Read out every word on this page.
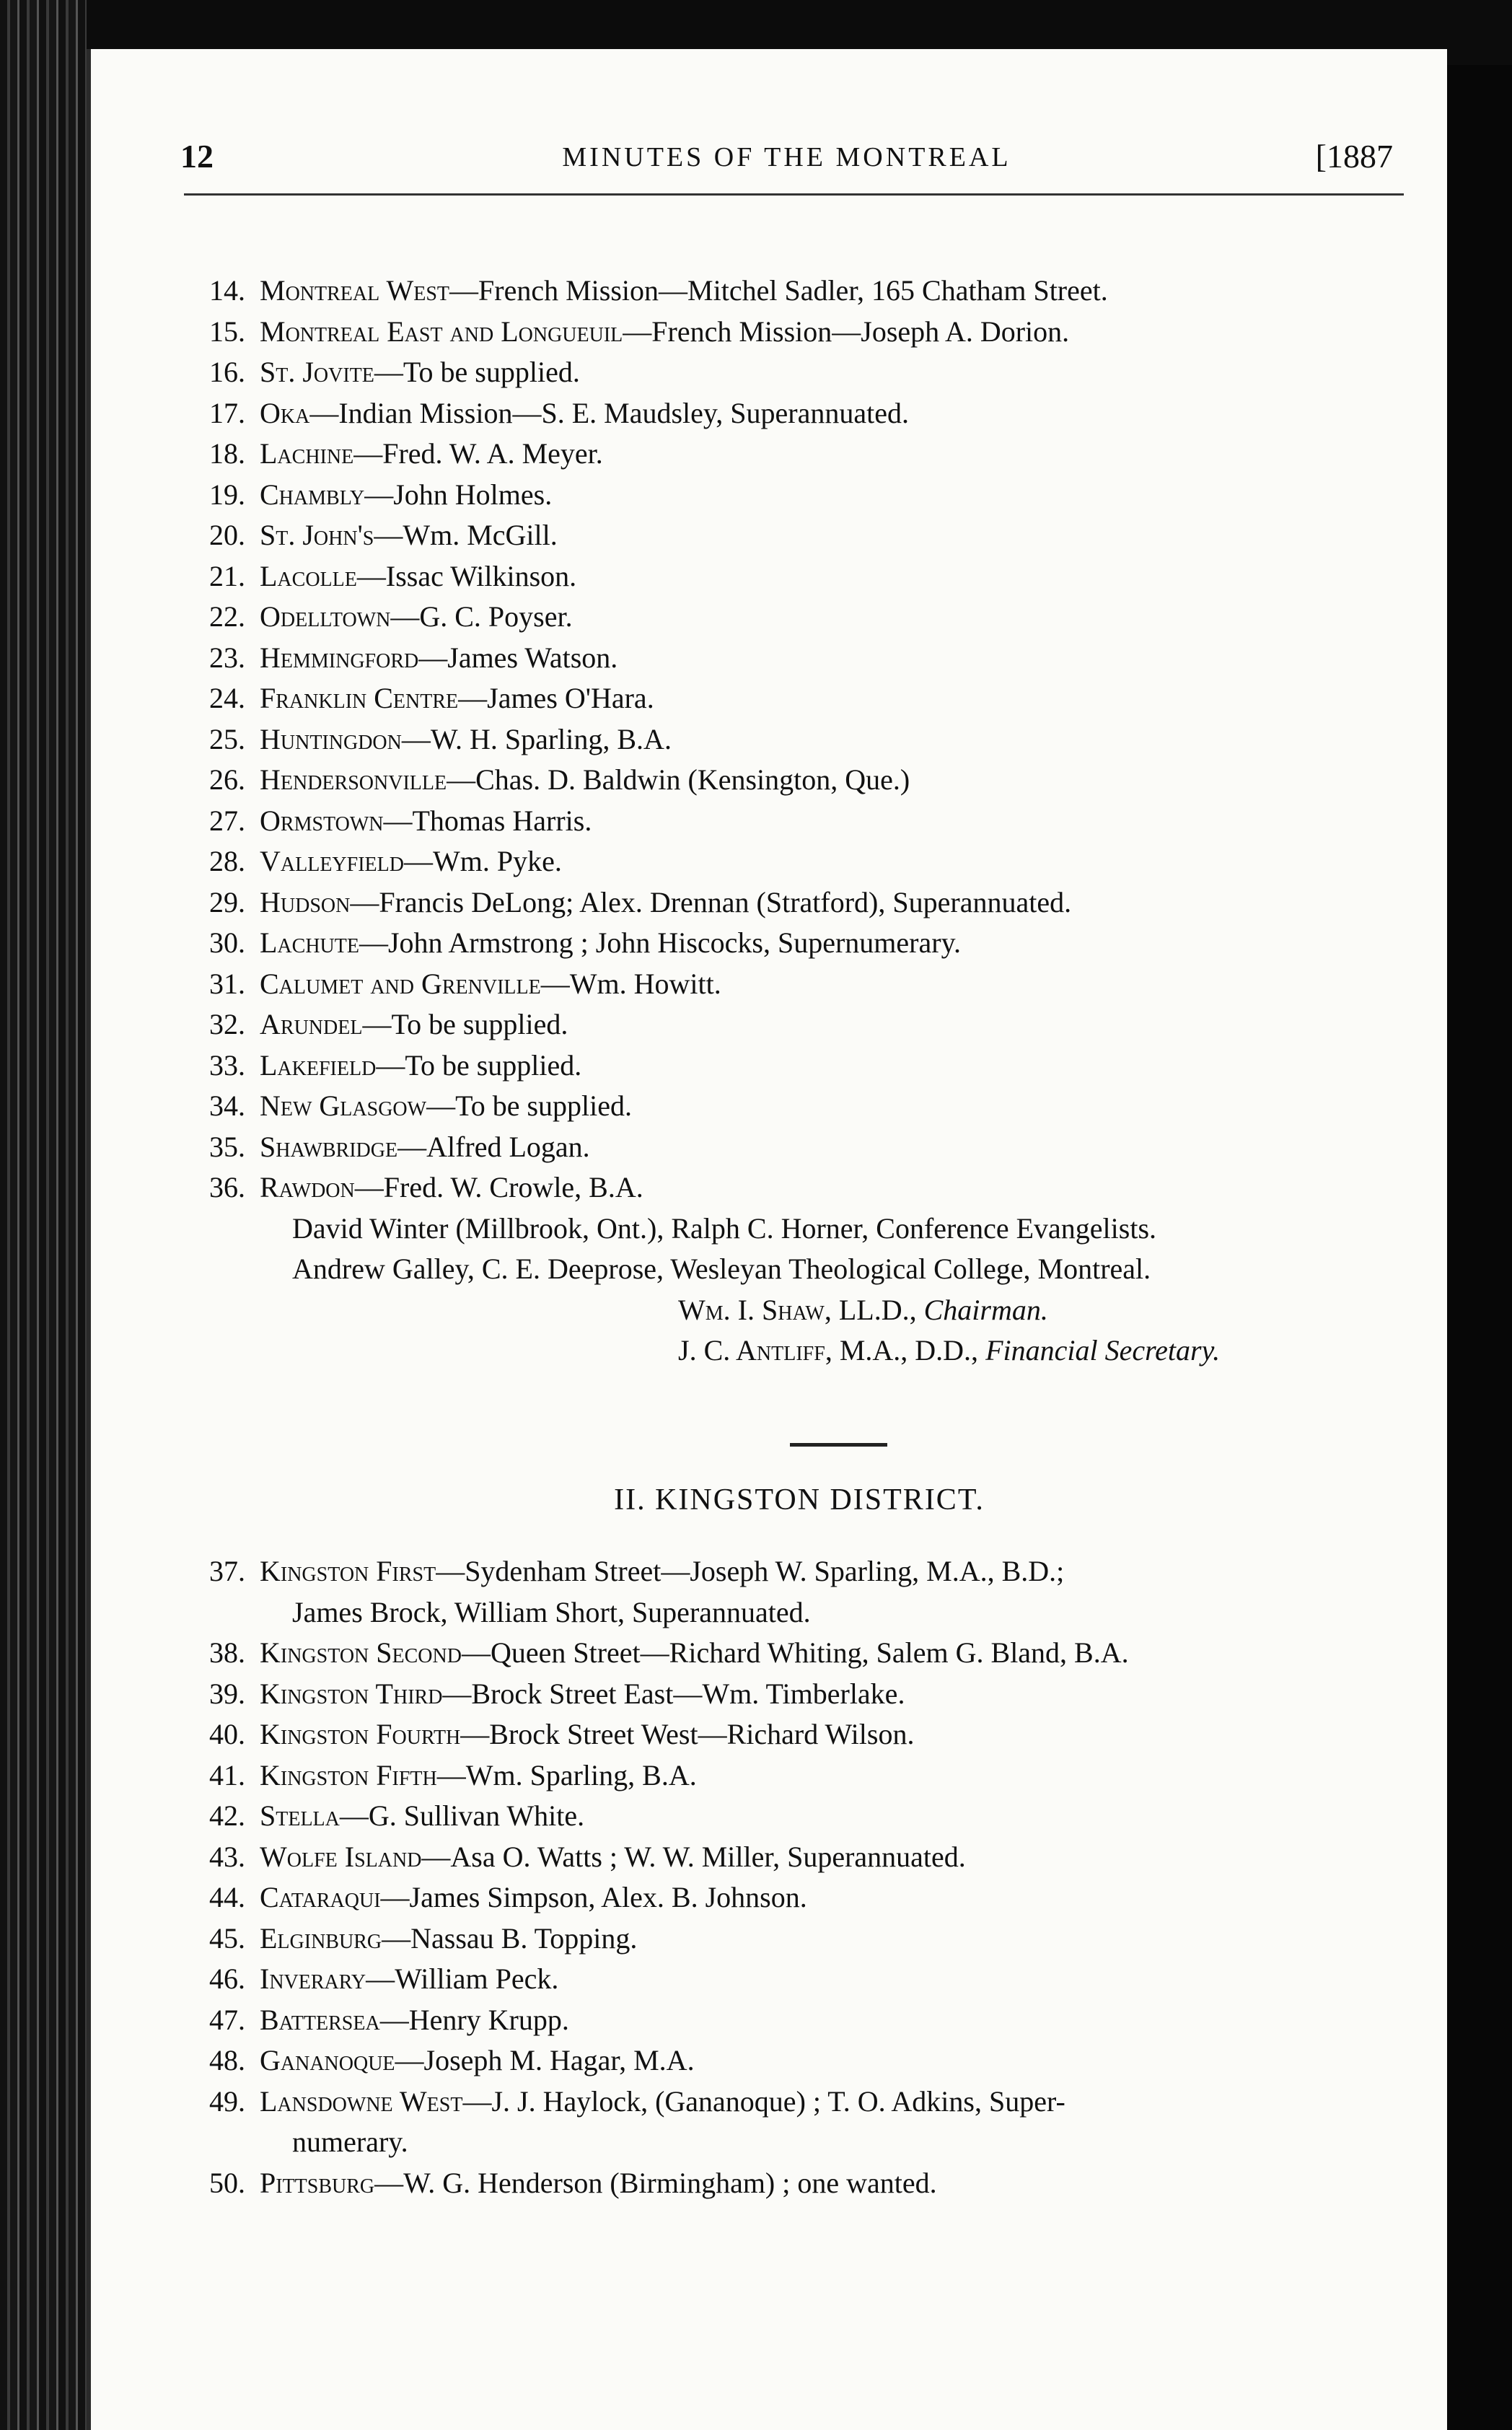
12	MINUTES OF THE MONTREAL	[1887
14. Montreal West—French Mission—Mitchel Sadler, 165 Chatham Street.
15. Montreal East and Longueuil—French Mission—Joseph A. Dorion.
16. St. Jovite—To be supplied.
17. Oka—Indian Mission—S. E. Maudsley, Superannuated.
18. Lachine—Fred. W. A. Meyer.
19. Chambly—John Holmes.
20. St. John's—Wm. McGill.
21. Lacolle—Issac Wilkinson.
22. Odelltown—G. C. Poyser.
23. Hemmingford—James Watson.
24. Franklin Centre—James O'Hara.
25. Huntingdon—W. H. Sparling, B.A.
26. Hendersonville—Chas. D. Baldwin (Kensington, Que.)
27. Ormstown—Thomas Harris.
28. Valleyfield—Wm. Pyke.
29. Hudson—Francis DeLong; Alex. Drennan (Stratford), Superannuated.
30. Lachute—John Armstrong ; John Hiscocks, Supernumerary.
31. Calumet and Grenville—Wm. Howitt.
32. Arundel—To be supplied.
33. Lakefield—To be supplied.
34. New Glasgow—To be supplied.
35. Shawbridge—Alfred Logan.
36. Rawdon—Fred. W. Crowle, B.A.
David Winter (Millbrook, Ont.), Ralph C. Horner, Conference Evangelists.
Andrew Galley, C. E. Deeprose, Wesleyan Theological College, Montreal.
Wm. I. Shaw, LL.D., Chairman.
J. C. Antliff, M.A., D.D., Financial Secretary.
II. KINGSTON DISTRICT.
37. Kingston First—Sydenham Street—Joseph W. Sparling, M.A., B.D.;
James Brock, William Short, Superannuated.
38. Kingston Second—Queen Street—Richard Whiting, Salem G. Bland, B.A.
39. Kingston Third—Brock Street East—Wm. Timberlake.
40. Kingston Fourth—Brock Street West—Richard Wilson.
41. Kingston Fifth—Wm. Sparling, B.A.
42. Stella—G. Sullivan White.
43. Wolfe Island—Asa O. Watts ; W. W. Miller, Superannuated.
44. Cataraqui—James Simpson, Alex. B. Johnson.
45. Elginburg—Nassau B. Topping.
46. Inverary—William Peck.
47. Battersea—Henry Krupp.
48. Gananoque—Joseph M. Hagar, M.A.
49. Lansdowne West—J. J. Haylock, (Gananoque) ; T. O. Adkins, Super-
numerary.
50. Pittsburg—W. G. Henderson (Birmingham) ; one wanted.
